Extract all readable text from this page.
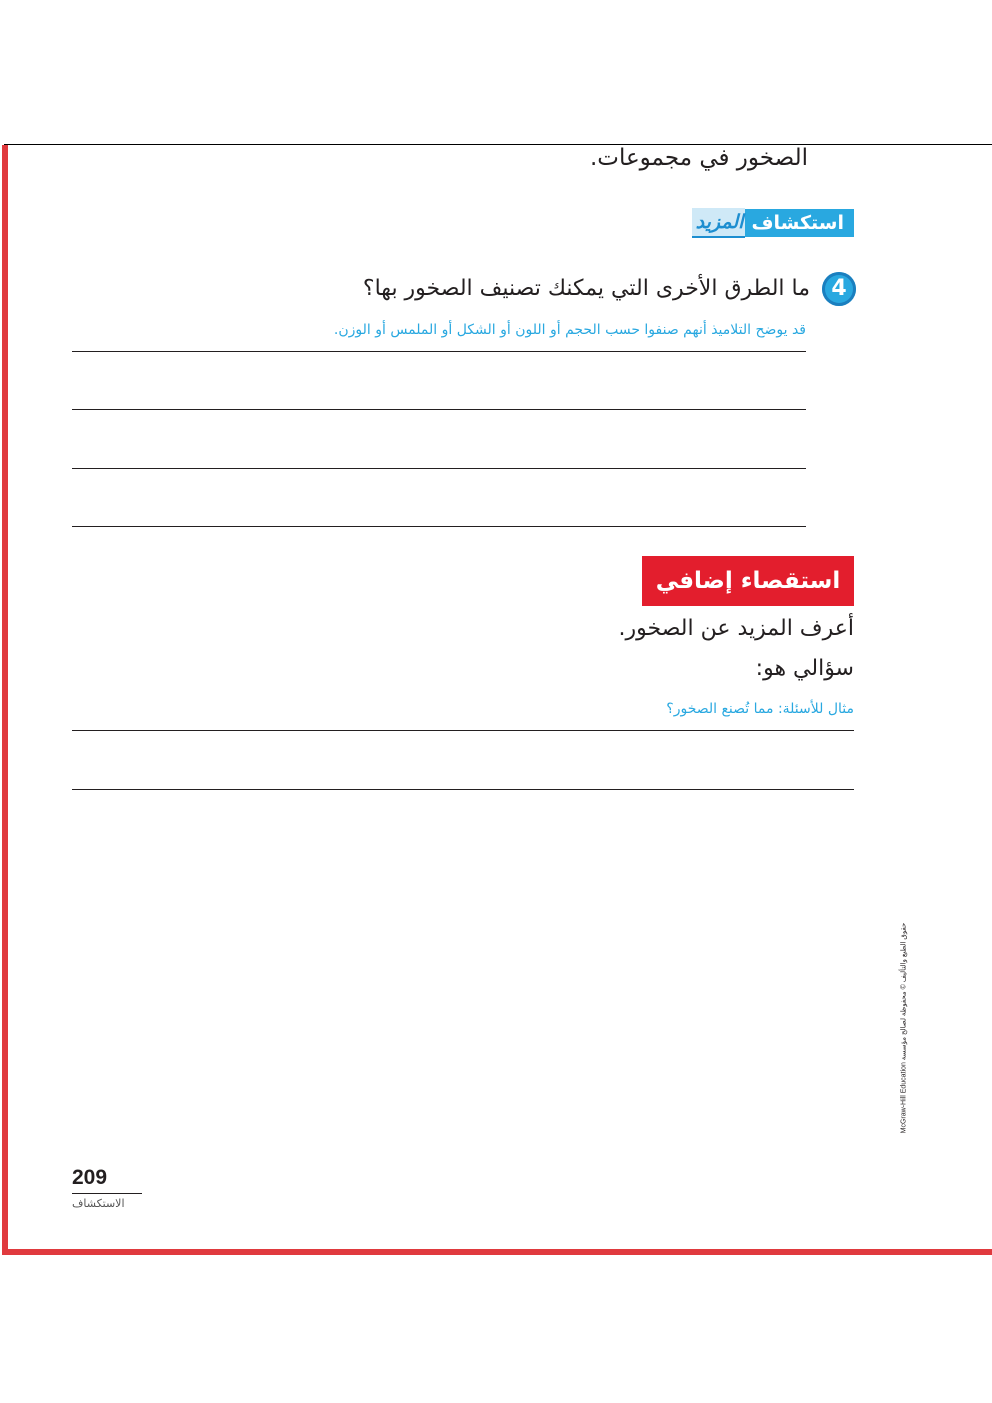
الصخور في مجموعات.
استكشاف
المزيد
4
ما الطرق الأخرى التي يمكنك تصنيف الصخور بها؟
قد يوضح التلاميذ أنهم صنفوا حسب الحجم أو اللون أو الشكل أو الملمس أو الوزن.
استقصاء إضافي
أعرف المزيد عن الصخور.
سؤالي هو:
مثال للأسئلة: مما تُصنع الصخور؟
McGraw-Hill Education حقوق الطبع والتأليف © محفوظة لصالح مؤسسة
209
الاستكشاف
